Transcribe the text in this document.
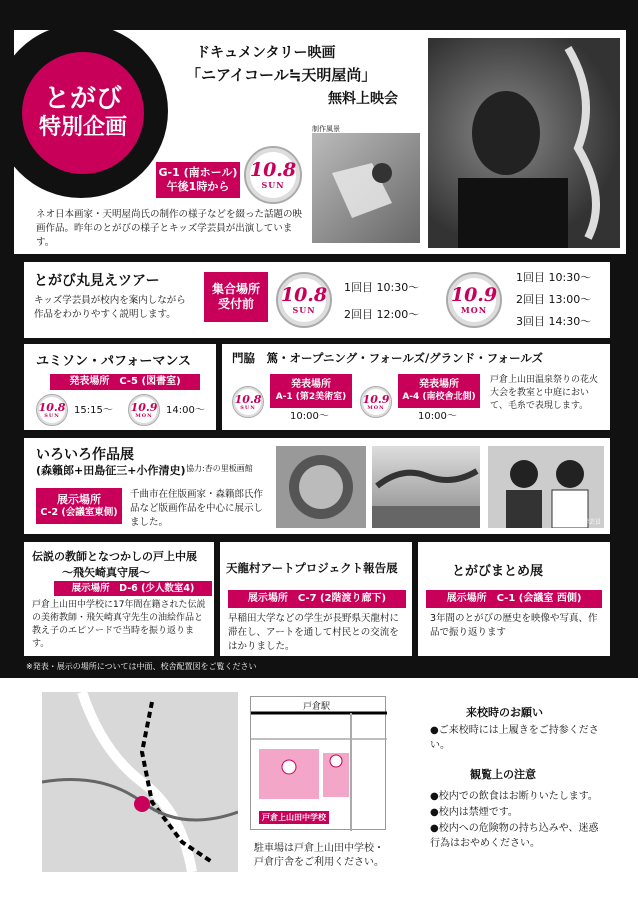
とがび
特別企画
ドキュメンタリー映画
「ニアイコール≒天明屋尚」
無料上映会
制作風景
G-1 (南ホール)
午後1時から
10.8
SUN
ネオ日本画家・天明屋尚氏の制作の様子などを綴った話題の映画作品。昨年のとがびの様子とキッズ学芸員が出演しています。
とがび丸見えツアー
キッズ学芸員が校内を案内しながら作品をわかりやすく説明します。
集合場所
受付前 10.8
SUN
1回目 10:30〜
2回目 12:00〜
10.9
MON
1回目 10:30〜
2回目 13:00〜
3回目 14:30〜
ユミソン・パフォーマンス
発表場所　C-5 (図書室)
10.8
SUN 15:15〜 10.9
MON 14:00〜
門脇　篤・オープニング・フォールズ/グランド・フォールズ
10.8
SUN
発表場所
A-1 (第2美術室)
10:00〜
10.9
MON
発表場所
A-4 (南校舎北側)
10:00〜
戸倉上山田温泉祭りの花火大会を教室と中庭において、毛糸で表現します。
いろいろ作品展
(森籟郎+田島征三+小作清史) 協力:杏の里板画館
展示場所
C-2 (会議室東側)
千曲市在住版画家・森籟郎氏作品など版画作品を中心に展示しました。	キッズ学芸員
伝説の教師となつかしの戸上中展
〜飛矢崎真守展〜
展示場所　D-6 (少人数室4)
戸倉上山田中学校に17年間在籍された伝説の美術教師・飛矢崎真守先生の油絵作品と教え子のエピソードで当時を振り返ります。
天龍村アートプロジェクト報告展
展示場所　C-7 (2階渡り廊下)
早稲田大学などの学生が長野県天龍村に滞在し、アートを通して村民との交流をはかりました。
とがびまとめ展
展示場所　C-1 (会議室 西側)
3年間のとがびの歴史を映像や写真、作品で振り返ります
※発表・展示の場所については中面、校舎配置図をご覧ください
戸倉駅
戸倉上山田中学校
駐車場は戸倉上山田中学校・
戸倉庁舎をご利用ください。
来校時のお願い
●ご来校時には上履きをご持参ください。
観覧上の注意
●校内での飲食はお断りいたします。
●校内は禁煙です。
●校内への危険物の持ち込みや、迷惑行為はおやめください。
